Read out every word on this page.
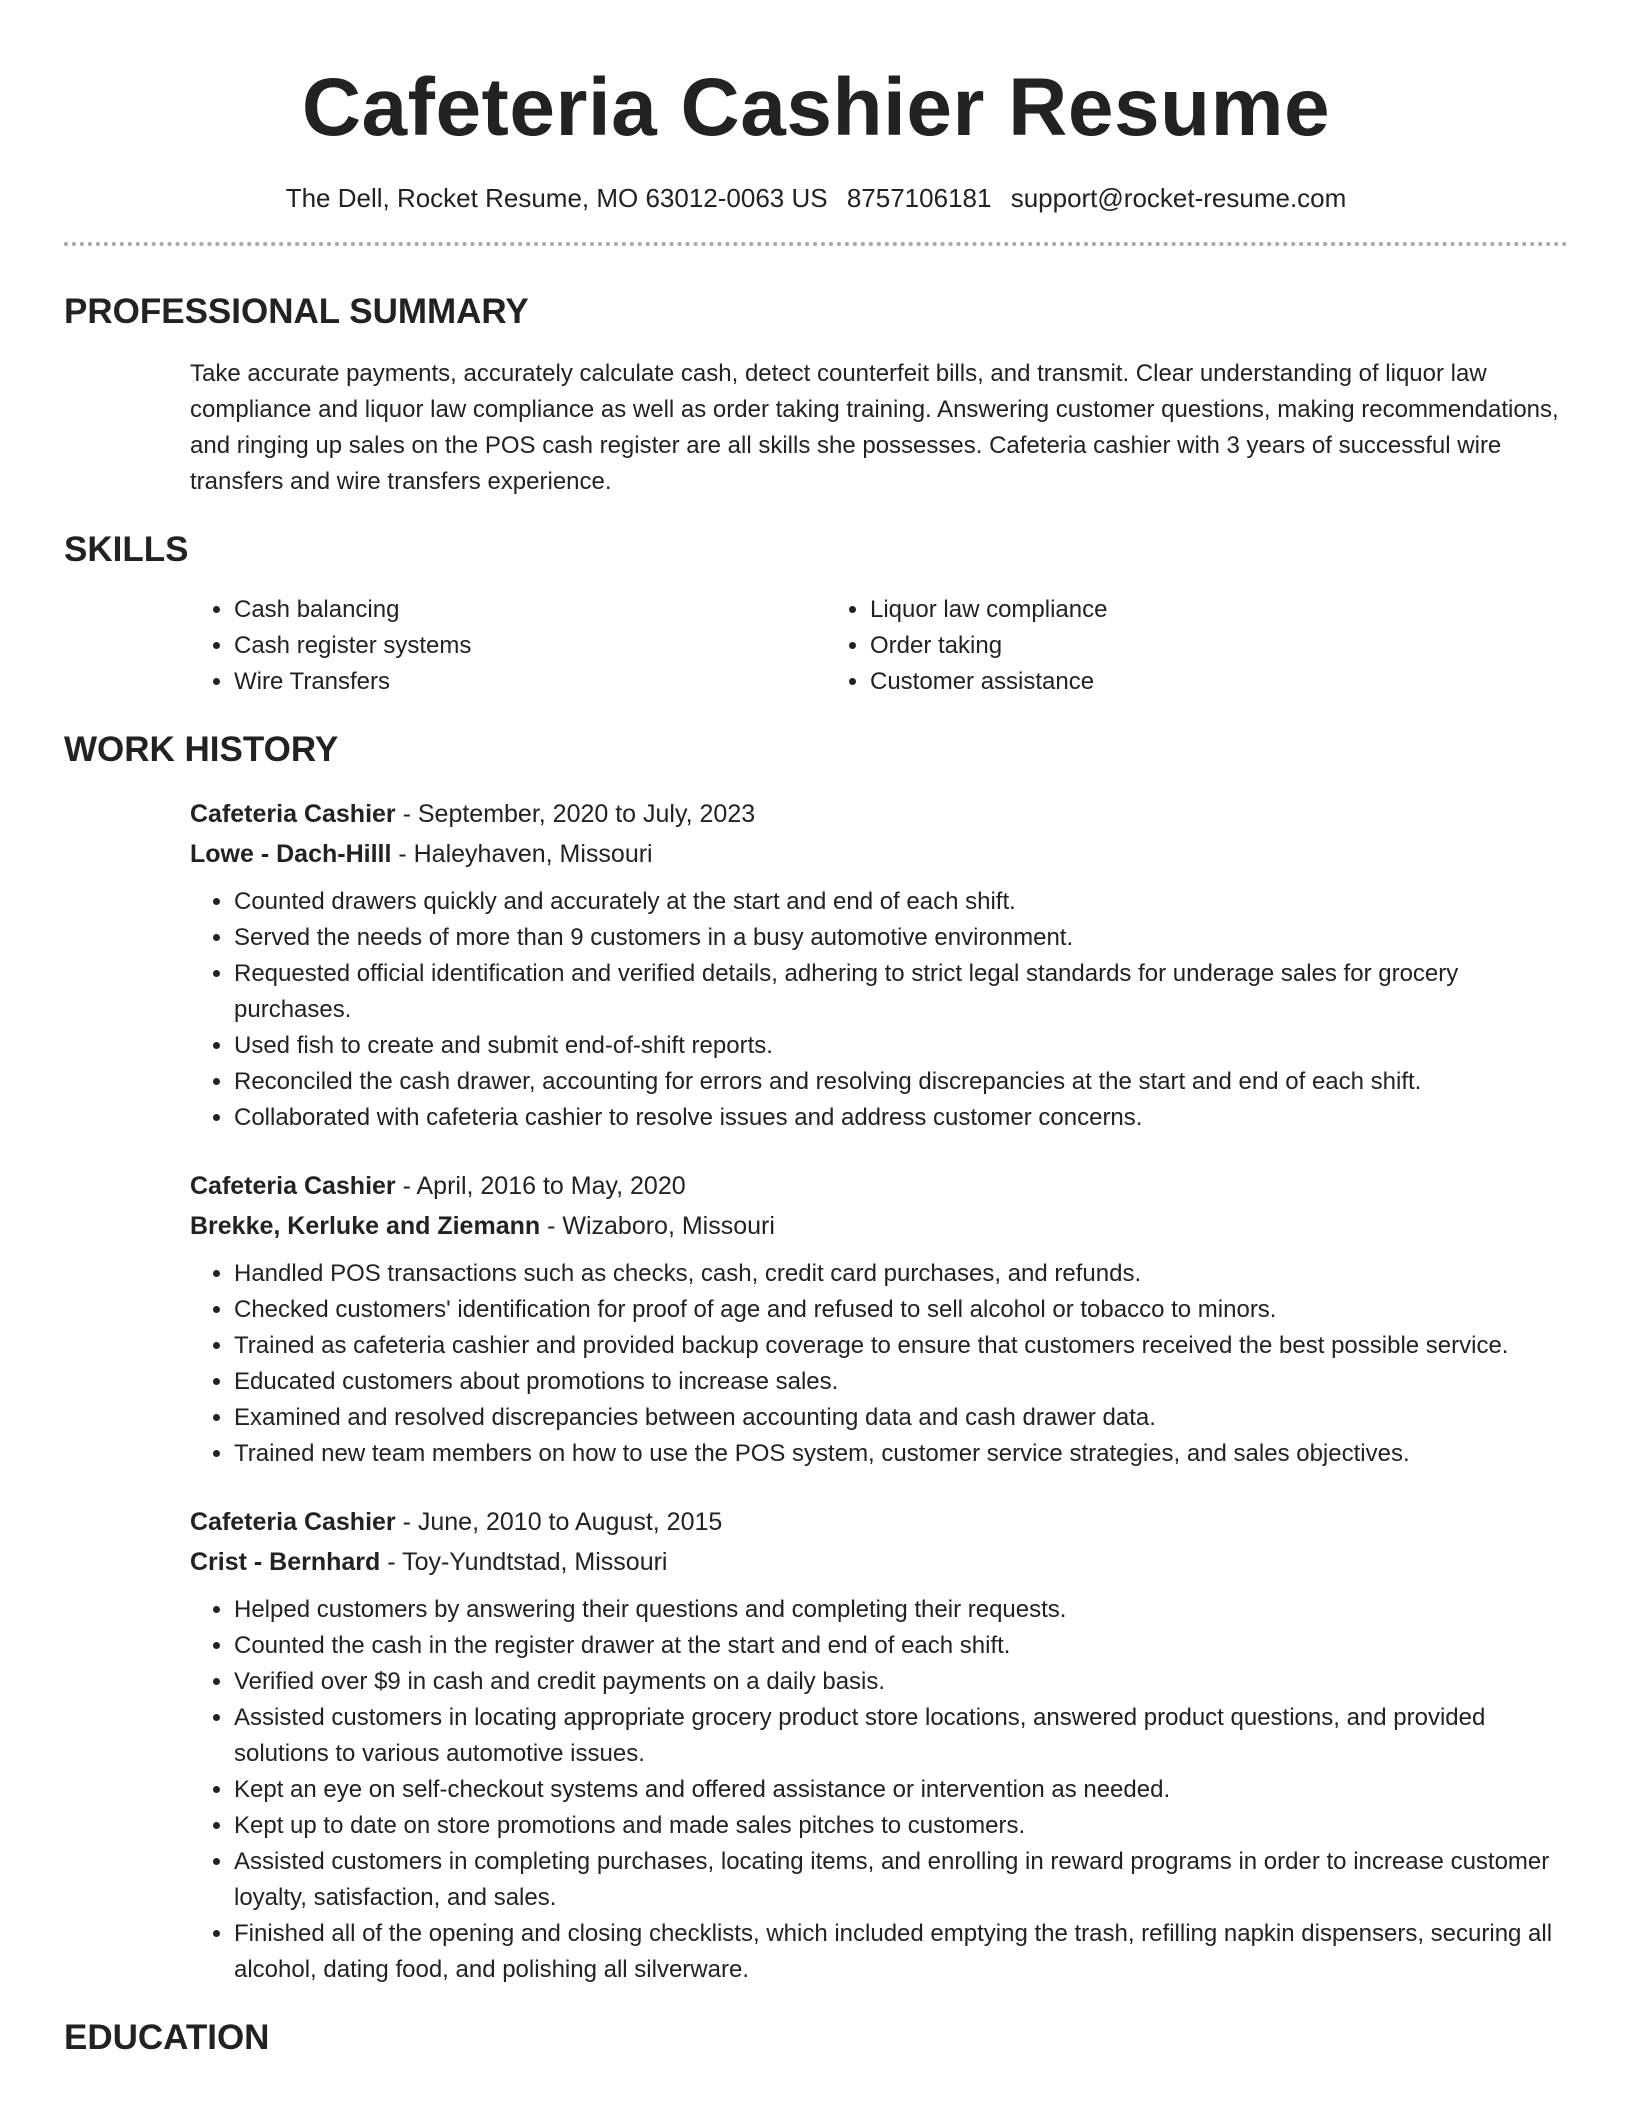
Cafeteria Cashier Resume
The Dell, Rocket Resume, MO 63012-0063 US 8757106181 support@rocket-resume.com
PROFESSIONAL SUMMARY

Take accurate payments, accurately calculate cash, detect counterfeit bills, and transmit. Clear understanding of liquor law compliance and liquor law compliance as well as order taking training. Answering customer questions, making recommendations, and ringing up sales on the POS cash register are all skills she possesses. Cafeteria cashier with 3 years of successful wire transfers and wire transfers experience.

SKILLS
• Cash balancing
• Cash register systems
• Wire Transfers
• Liquor law compliance
• Order taking
• Customer assistance
WORK HISTORY
Cafeteria Cashier - September, 2020 to July, 2023
Lowe - Dach-Hilll - Haleyhaven, Missouri
• Counted drawers quickly and accurately at the start and end of each shift.
• Served the needs of more than 9 customers in a busy automotive environment.
• Requested official identification and verified details, adhering to strict legal standards for underage sales for grocery purchases.
• Used fish to create and submit end-of-shift reports.
• Reconciled the cash drawer, accounting for errors and resolving discrepancies at the start and end of each shift.
• Collaborated with cafeteria cashier to resolve issues and address customer concerns.
Cafeteria Cashier - April, 2016 to May, 2020
Brekke, Kerluke and Ziemann - Wizaboro, Missouri
• Handled POS transactions such as checks, cash, credit card purchases, and refunds.
• Checked customers' identification for proof of age and refused to sell alcohol or tobacco to minors.
• Trained as cafeteria cashier and provided backup coverage to ensure that customers received the best possible service.
• Educated customers about promotions to increase sales.
• Examined and resolved discrepancies between accounting data and cash drawer data.
• Trained new team members on how to use the POS system, customer service strategies, and sales objectives.
Cafeteria Cashier - June, 2010 to August, 2015
Crist - Bernhard - Toy-Yundtstad, Missouri
• Helped customers by answering their questions and completing their requests.
• Counted the cash in the register drawer at the start and end of each shift.
• Verified over $9 in cash and credit payments on a daily basis.
• Assisted customers in locating appropriate grocery product store locations, answered product questions, and provided solutions to various automotive issues.
• Kept an eye on self-checkout systems and offered assistance or intervention as needed.
• Kept up to date on store promotions and made sales pitches to customers.
• Assisted customers in completing purchases, locating items, and enrolling in reward programs in order to increase customer loyalty, satisfaction, and sales.
• Finished all of the opening and closing checklists, which included emptying the trash, refilling napkin dispensers, securing all alcohol, dating food, and polishing all silverware.
EDUCATION
